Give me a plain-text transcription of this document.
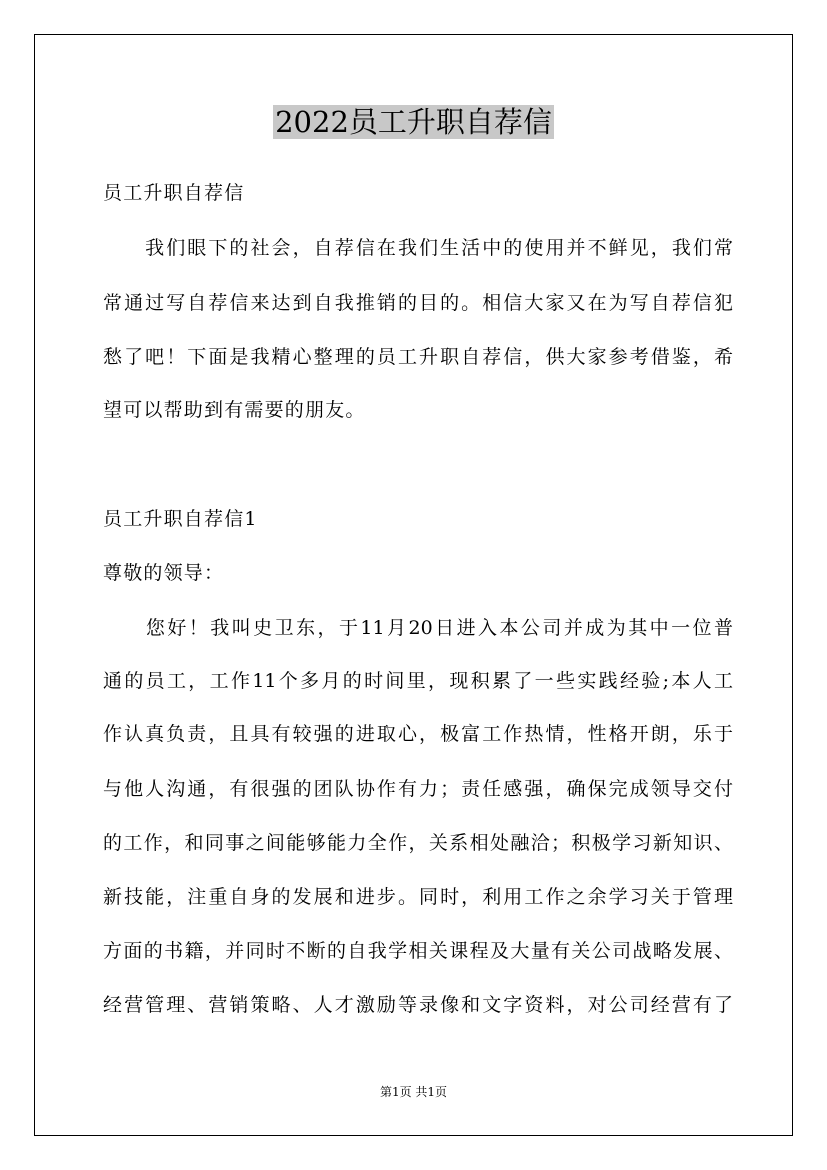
2022员工升职自荐信
员工升职自荐信
　　我们眼下的社会，自荐信在我们生活中的使用并不鲜见，我们常
常通过写自荐信来达到自我推销的目的。相信大家又在为写自荐信犯
愁了吧！下面是我精心整理的员工升职自荐信，供大家参考借鉴，希
望可以帮助到有需要的朋友。
员工升职自荐信1
尊敬的领导：
　　您好！我叫史卫东，于11月20日进入本公司并成为其中一位普
通的员工，工作11个多月的时间里，现积累了一些实践经验;本人工
作认真负责，且具有较强的进取心，极富工作热情，性格开朗，乐于
与他人沟通，有很强的团队协作有力；责任感强，确保完成领导交付
的工作，和同事之间能够能力全作，关系相处融洽；积极学习新知识、
新技能，注重自身的发展和进步。同时，利用工作之余学习关于管理
方面的书籍，并同时不断的自我学相关课程及大量有关公司战略发展、
经营管理、营销策略、人才激励等录像和文字资料，对公司经营有了
第1页 共1页
